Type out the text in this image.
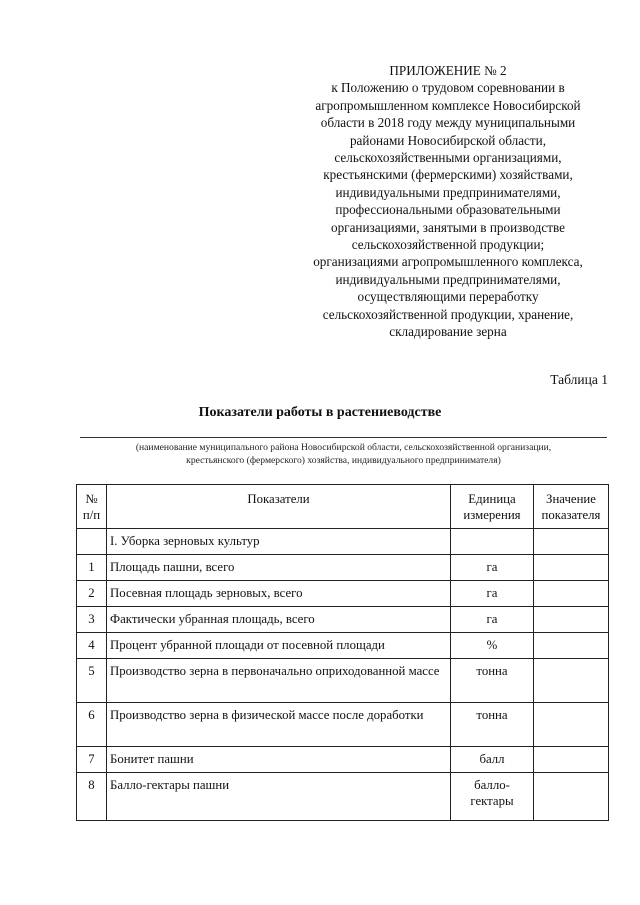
ПРИЛОЖЕНИЕ № 2
к Положению о трудовом соревновании в
агропромышленном комплексе Новосибирской
области в 2018 году между муниципальными
районами Новосибирской области,
сельскохозяйственными организациями,
крестьянскими (фермерскими) хозяйствами,
индивидуальными предпринимателями,
профессиональными образовательными
организациями, занятыми в производстве
сельскохозяйственной продукции;
организациями агропромышленного комплекса,
индивидуальными предпринимателями,
осуществляющими переработку
сельскохозяйственной продукции, хранение,
складирование зерна
Таблица 1
Показатели работы в растениеводстве
(наименование муниципального района Новосибирской области, сельскохозяйственной организации,
крестьянского (фермерского) хозяйства, индивидуального предпринимателя)
№ п/п	Показатели	Единица измерения	Значение показателя
	I. Уборка зерновых культур		
1	Площадь пашни, всего	га	
2	Посевная площадь зерновых, всего	га	
3	Фактически убранная площадь, всего	га	
4	Процент убранной площади от посевной площади	%	
5	Производство зерна в первоначально оприходованной массе	тонна	
6	Производство зерна в физической массе после доработки	тонна	
7	Бонитет пашни	балл	
8	Балло-гектары пашни	балло-гектары	
